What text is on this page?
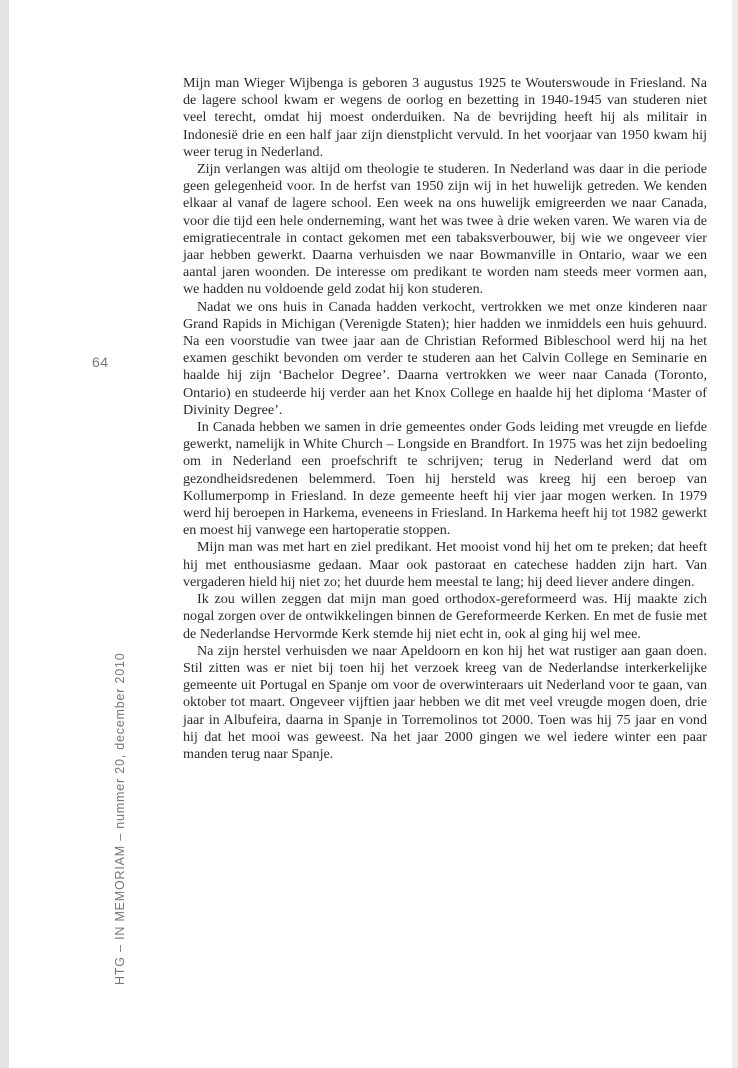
64
HTG – IN MEMORIAM – nummer 20, december 2010

Mijn man Wieger Wijbenga is geboren 3 augustus 1925 te Wouterswoude in Friesland. Na de lagere school kwam er wegens de oorlog en bezetting in 1940-1945 van studeren niet veel terecht, omdat hij moest onderduiken. Na de bevrijding heeft hij als militair in Indonesië drie en een half jaar zijn dienstplicht vervuld. In het voorjaar van 1950 kwam hij weer terug in Nederland.

Zijn verlangen was altijd om theologie te studeren. In Nederland was daar in die periode geen gelegenheid voor. In de herfst van 1950 zijn wij in het huwelijk getreden. We kenden elkaar al vanaf de lagere school. Een week na ons huwelijk emigreerden we naar Canada, voor die tijd een hele onderneming, want het was twee à drie weken varen. We waren via de emigratiecentrale in contact gekomen met een tabaksverbouwer, bij wie we ongeveer vier jaar hebben gewerkt. Daarna verhuisden we naar Bowmanville in Ontario, waar we een aantal jaren woonden. De interesse om predikant te worden nam steeds meer vormen aan, we hadden nu voldoende geld zodat hij kon studeren.

Nadat we ons huis in Canada hadden verkocht, vertrokken we met onze kinderen naar Grand Rapids in Michigan (Verenigde Staten); hier hadden we inmiddels een huis gehuurd. Na een voorstudie van twee jaar aan de Christian Reformed Bibleschool werd hij na het examen geschikt bevonden om verder te studeren aan het Calvin College en Seminarie en haalde hij zijn ‘Bachelor Degree’. Daarna vertrokken we weer naar Canada (Toronto, Ontario) en studeerde hij verder aan het Knox College en haalde hij het diploma ‘Master of Divinity Degree’.

In Canada hebben we samen in drie gemeentes onder Gods leiding met vreugde en liefde gewerkt, namelijk in White Church – Longside en Brandfort. In 1975 was het zijn bedoeling om in Nederland een proefschrift te schrijven; terug in Nederland werd dat om gezondheidsredenen belemmerd. Toen hij hersteld was kreeg hij een beroep van Kollumerpomp in Friesland. In deze gemeente heeft hij vier jaar mogen werken. In 1979 werd hij beroepen in Harkema, eveneens in Friesland. In Harkema heeft hij tot 1982 gewerkt en moest hij vanwege een hartoperatie stoppen.

Mijn man was met hart en ziel predikant. Het mooist vond hij het om te preken; dat heeft hij met enthousiasme gedaan. Maar ook pastoraat en catechese hadden zijn hart. Van vergaderen hield hij niet zo; het duurde hem meestal te lang; hij deed liever andere dingen.

Ik zou willen zeggen dat mijn man goed orthodox-gereformeerd was. Hij maakte zich nogal zorgen over de ontwikkelingen binnen de Gereformeerde Kerken. En met de fusie met de Nederlandse Hervormde Kerk stemde hij niet echt in, ook al ging hij wel mee.

Na zijn herstel verhuisden we naar Apeldoorn en kon hij het wat rustiger aan gaan doen. Stil zitten was er niet bij toen hij het verzoek kreeg van de Nederlandse interkerkelijke gemeente uit Portugal en Spanje om voor de overwinteraars uit Nederland voor te gaan, van oktober tot maart. Ongeveer vijftien jaar hebben we dit met veel vreugde mogen doen, drie jaar in Albufeira, daarna in Spanje in Torremolinos tot 2000. Toen was hij 75 jaar en vond hij dat het mooi was geweest. Na het jaar 2000 gingen we wel iedere winter een paar manden terug naar Spanje.
